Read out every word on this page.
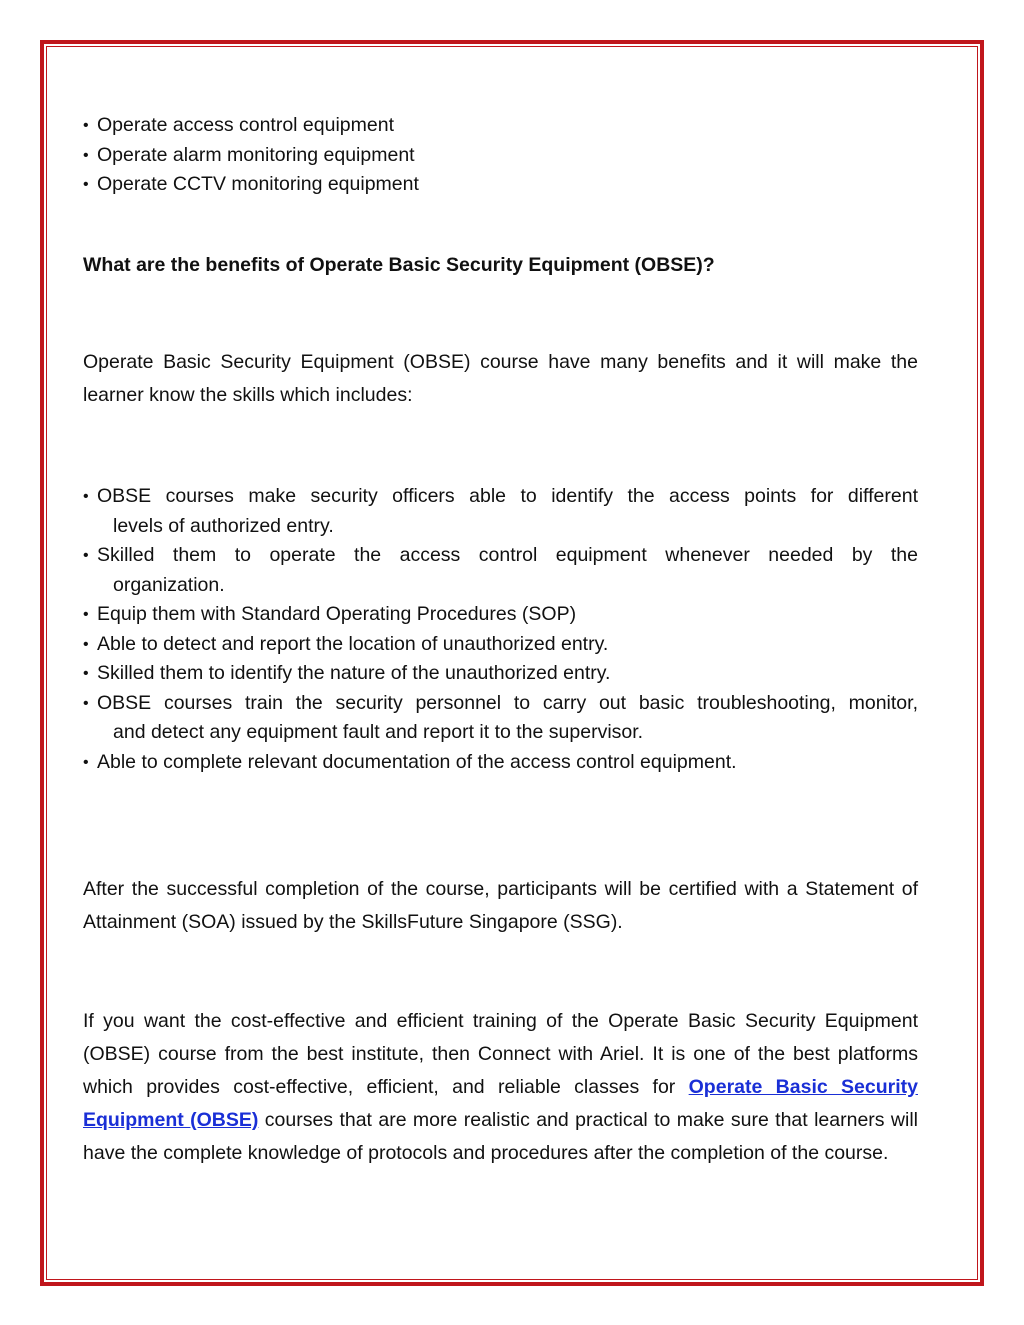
• Operate access control equipment
• Operate alarm monitoring equipment
• Operate CCTV monitoring equipment
What are the benefits of Operate Basic Security Equipment (OBSE)?
Operate Basic Security Equipment (OBSE) course have many benefits and it will make the learner know the skills which includes:
• OBSE courses make security officers able to identify the access points for different
levels of authorized entry.
• Skilled them to operate the access control equipment whenever needed by the
organization.
• Equip them with Standard Operating Procedures (SOP)
• Able to detect and report the location of unauthorized entry.
• Skilled them to identify the nature of the unauthorized entry.
• OBSE courses train the security personnel to carry out basic troubleshooting, monitor,
and detect any equipment fault and report it to the supervisor.
• Able to complete relevant documentation of the access control equipment.
After the successful completion of the course, participants will be certified with a Statement of Attainment (SOA) issued by the SkillsFuture Singapore (SSG).
If you want the cost-effective and efficient training of the Operate Basic Security Equipment (OBSE) course from the best institute, then Connect with Ariel. It is one of the best platforms which provides cost-effective, efficient, and reliable classes for Operate Basic Security Equipment (OBSE) courses that are more realistic and practical to make sure that learners will have the complete knowledge of protocols and procedures after the completion of the course.
